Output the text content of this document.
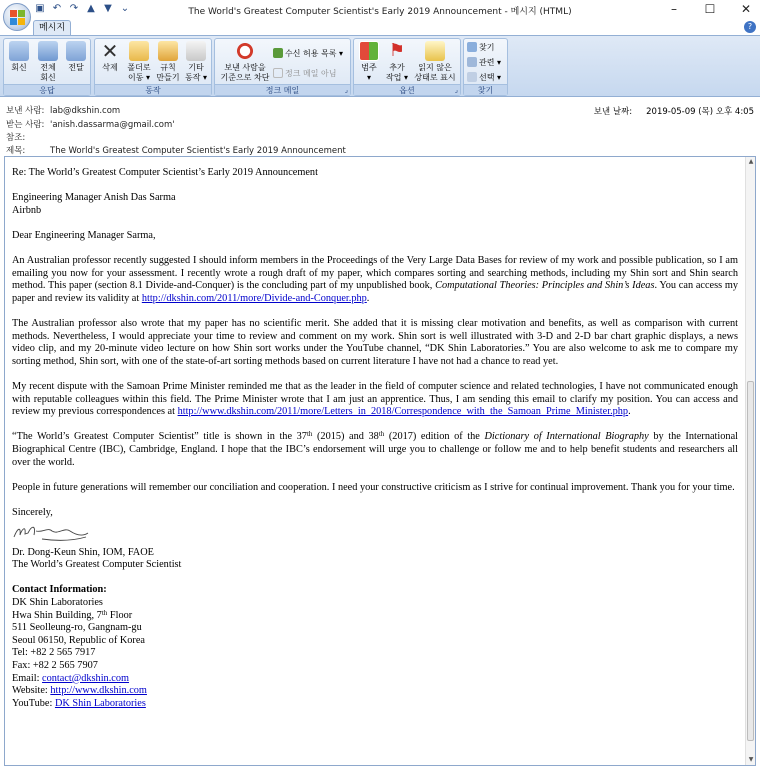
▣ ↶ ↷ ▲ ▼ ⌄	The World's Greatest Computer Scientist's Early 2019 Announcement - 메시지 (HTML)	–	☐ ✕
메시지	?
회신	전체
회신
전달
응답
✕
삭제	폴더로
이동 ▾
규칙
만들기
기타
동작 ▾
동작
보낸 사람을
기준으로 차단
수신 허용 목록 ▾
정크 메일 아님
정크 메일	⌟
범주
▾
⚑
추가
작업 ▾
읽지 않은
상태로 표시
옵션	⌟
찾기
관련 ▾
선택 ▾
찾기
보낸 사람: lab@dkshin.com
받는 사람: 'anish.dassarma@gmail.com'
참조:
제목:	The World's Greatest Computer Scientist's Early 2019 Announcement
보낸 날짜: 2019-05-09 (목) 오후 4:05

Re: The World’s Greatest Computer Scientist’s Early 2019 Announcement

Engineering Manager Anish Das Sarma
Airbnb

Dear Engineering Manager Sarma,

An Australian professor recently suggested I should inform members in the Proceedings of the Very Large Data Bases for review of my work and possible publication, so I am emailing you now for your assessment. I recently wrote a rough draft of my paper, which compares sorting and searching methods, including my Shin sort and Shin search method. This paper (section 8.1 Divide-and-Conquer) is the concluding part of my unpublished book, Computational Theories: Principles and Shin’s Ideas. You can access my paper and review its validity at http://dkshin.com/2011/more/Divide-and-Conquer.php.

The Australian professor also wrote that my paper has no scientific merit. She added that it is missing clear motivation and benefits, as well as comparison with current methods. Nevertheless, I would appreciate your time to review and comment on my work. Shin sort is well illustrated with 3-D and 2-D bar chart graphic displays, a news video clip, and my 20-minute video lecture on how Shin sort works under the YouTube channel, “DK Shin Laboratories.” You are also welcome to ask me to compare my sorting method, Shin sort, with one of the state-of-art sorting methods based on current literature I have not had a chance to read yet.

My recent dispute with the Samoan Prime Minister reminded me that as the leader in the field of computer science and related technologies, I have not communicated enough with reputable colleagues within this field. The Prime Minister wrote that I am just an apprentice. Thus, I am sending this email to clarify my position. You can access and review my previous correspondences at http://www.dkshin.com/2011/more/Letters_in_2018/Correspondence_with_the_Samoan_Prime_Minister.php.

“The World’s Greatest Computer Scientist” title is shown in the 37th (2015) and 38th (2017) edition of the Dictionary of International Biography by the International Biographical Centre (IBC), Cambridge, England. I hope that the IBC’s endorsement will urge you to challenge or follow me and to help benefit students and researchers all over the world.

People in future generations will remember our conciliation and cooperation. I need your constructive criticism as I strive for continual improvement. Thank you for your time.

Sincerely,
Dr. Dong-Keun Shin, IOM, FAOE
The World’s Greatest Computer Scientist
Contact Information:
DK Shin Laboratories
Hwa Shin Building, 7th Floor
511 Seolleung-ro, Gangnam-gu
Seoul 06150, Republic of Korea
Tel: +82 2 565 7917
Fax: +82 2 565 7907
Email: contact@dkshin.com
Website: http://www.dkshin.com
YouTube: DK Shin Laboratories
▲
▼
